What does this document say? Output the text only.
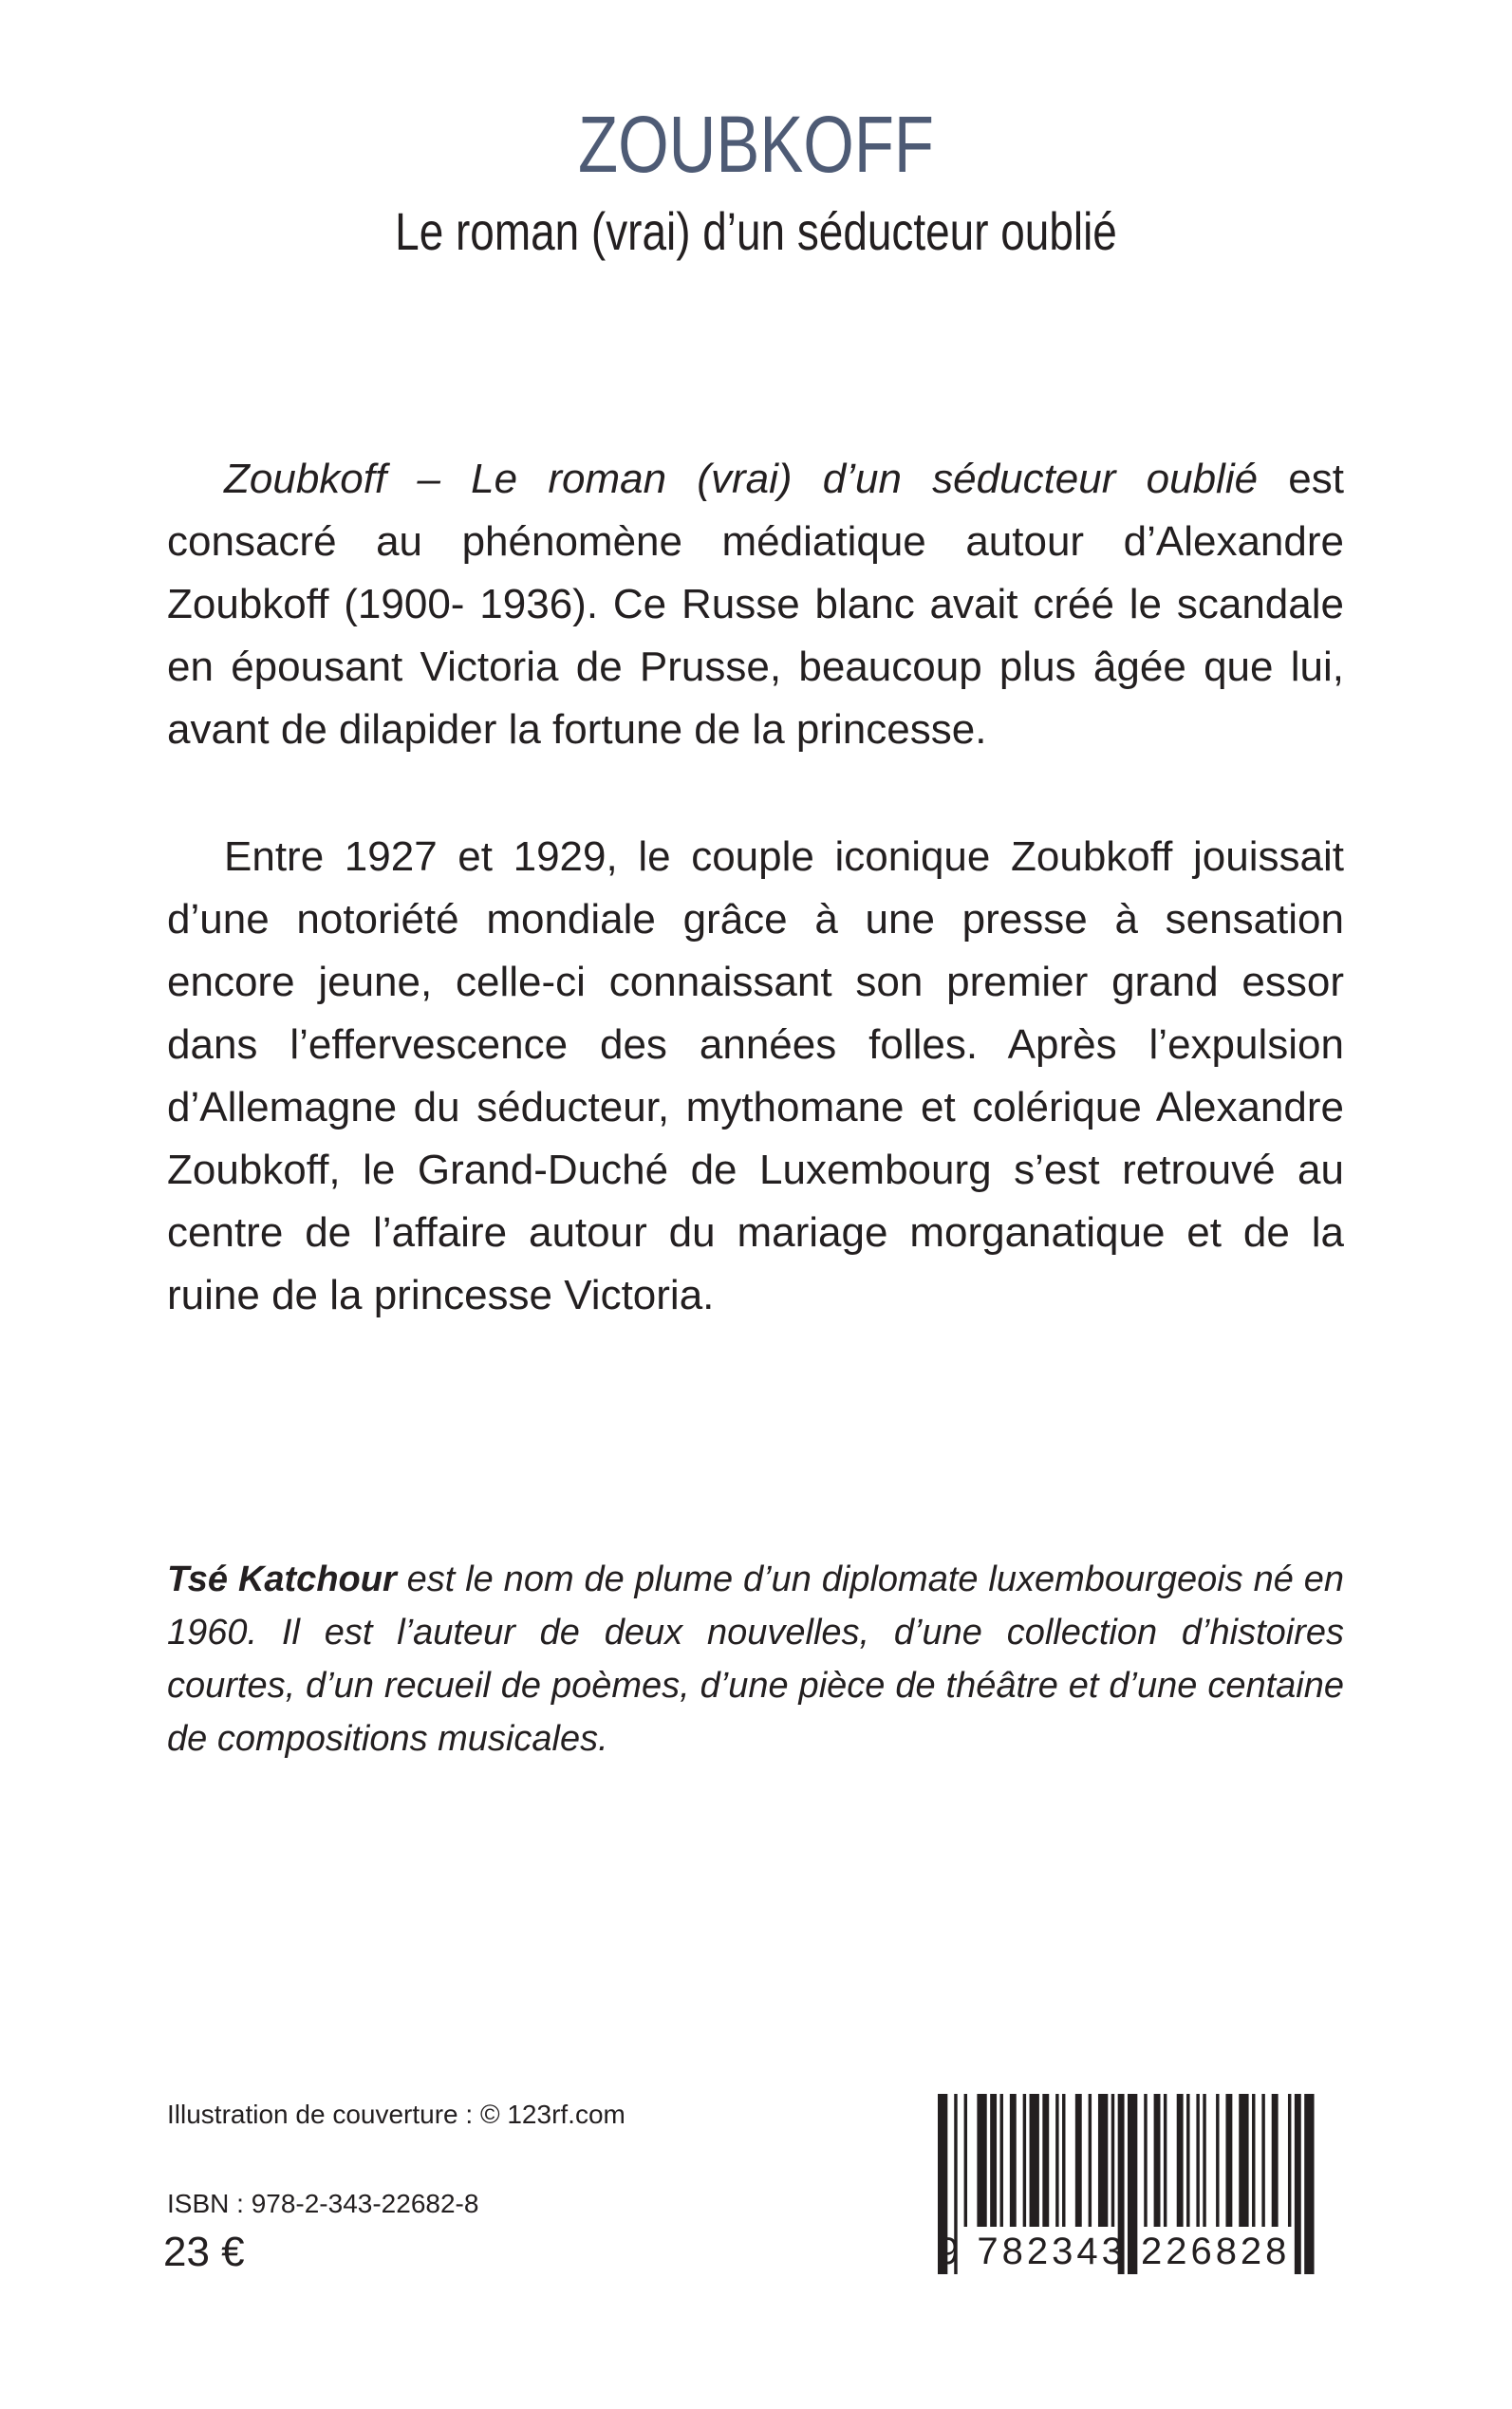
ZOUBKOFF
Le roman (vrai) d’un séducteur oublié

Zoubkoff – Le roman (vrai) d’un séducteur oublié est consacré au phénomène médiatique autour d’Alexandre Zoubkoff (1900- 1936). Ce Russe blanc avait créé le scandale en épousant Victoria de Prusse, beaucoup plus âgée que lui, avant de dilapider la fortune de la princesse.

Entre 1927 et 1929, le couple iconique Zoubkoff jouissait d’une notoriété mondiale grâce à une presse à sensation encore jeune, celle-ci connaissant son premier grand essor dans l’effervescence des années folles. Après l’expulsion d’Allemagne du séducteur, mythomane et colérique Alexandre Zoubkoff, le Grand-Duché de Luxembourg s’est retrouvé au centre de l’affaire autour du mariage morganatique et de la ruine de la princesse Victoria.

Tsé Katchour est le nom de plume d’un diplomate luxembourgeois né en 1960. Il est l’auteur de deux nouvelles, d’une collection d’histoires courtes, d’un recueil de poèmes, d’une pièce de théâtre et d’une centaine de compositions musicales.

Illustration de couverture : © 123rf.com
ISBN : 978-2-343-22682-8
23 €	9 782343 226828
